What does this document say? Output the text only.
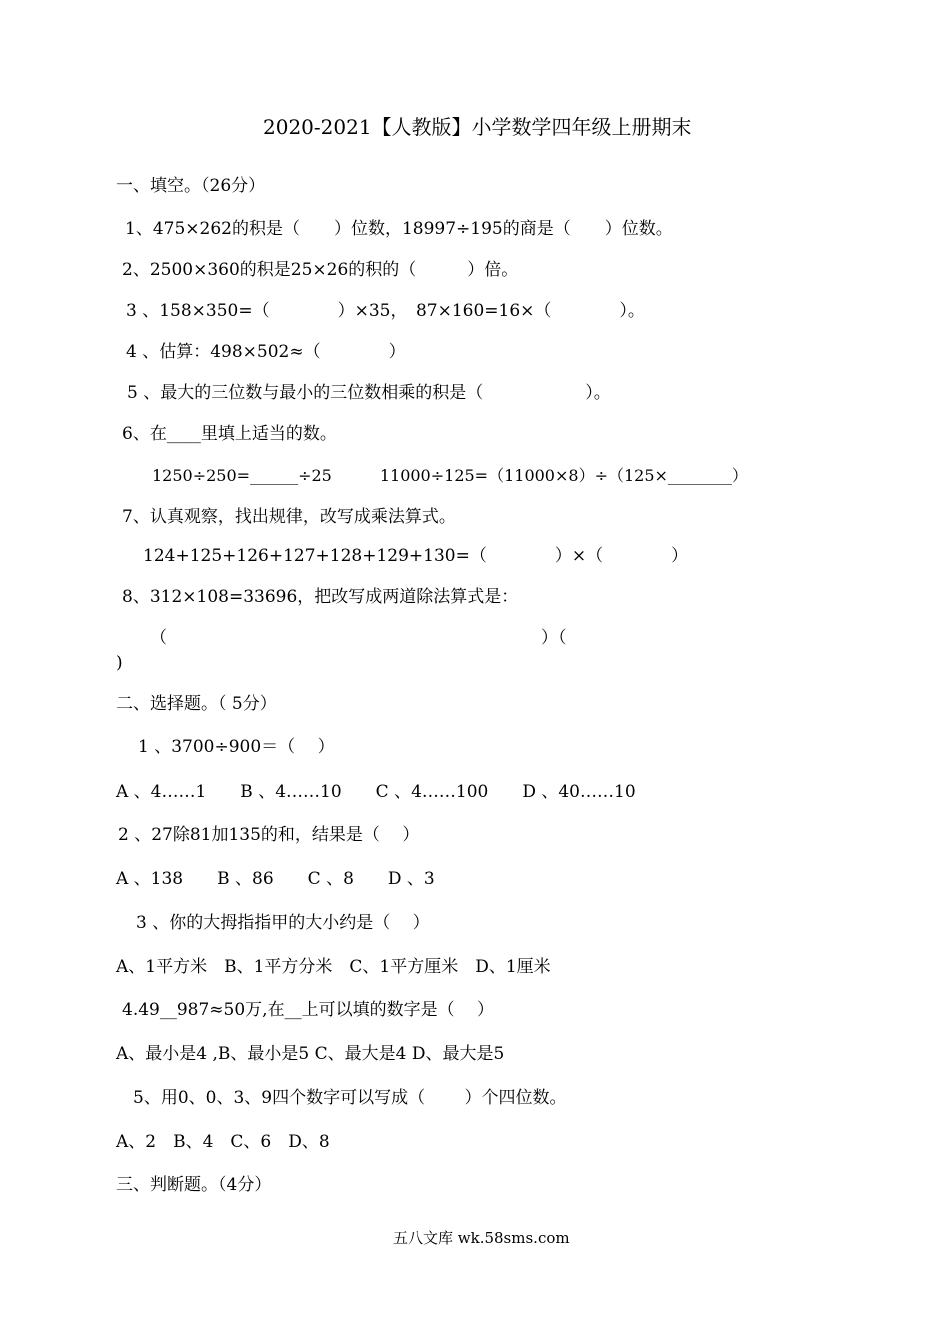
2020-2021【人教版】小学数学四年级上册期末
一、填空。（26分）
1、475×262的积是（　　）位数，18997÷195的商是（　　）位数。
2、2500×360的积是25×26的积的（　　　）倍。
3 、158×350=（　　　　）×35，　87×160=16×（　　　　）。
4 、估算：498×502≈（　　　　）
5 、最大的三位数与最小的三位数相乘的积是（　　　　　　）。
6、在____里填上适当的数。
1250÷250=______÷25　　　11000÷125=（11000×8）÷（125×________）
7、认真观察，找出规律，改写成乘法算式。
124+125+126+127+128+129+130=（　　　　）×（　　　　）
8、312×108=33696，把改写成两道除法算式是：
（　　　　　　　　　　　　　　　　　　　　　　）（
)
二、选择题。（ 5分）
1 、3700÷900＝（　 ）
A 、4……1　　B 、4……10　　C 、4……100　　D 、40……10
2 、27除81加135的和，结果是（　 ）
A 、138　　B 、86　　C 、8　　D 、3
3 、你的大拇指指甲的大小约是（　 ）
A、1平方米　B、1平方分米　C、1平方厘米　D、1厘米
4.49__987≈50万,在__上可以填的数字是（　 ）
A、最小是4 ,B、最小是5 C、最大是4 D、最大是5
5、用0、0、3、9四个数字可以写成（　　 ）个四位数。
A、2　B、4　C、6　D、8
三、判断题。（4分）
五八文库 wk.58sms.com
